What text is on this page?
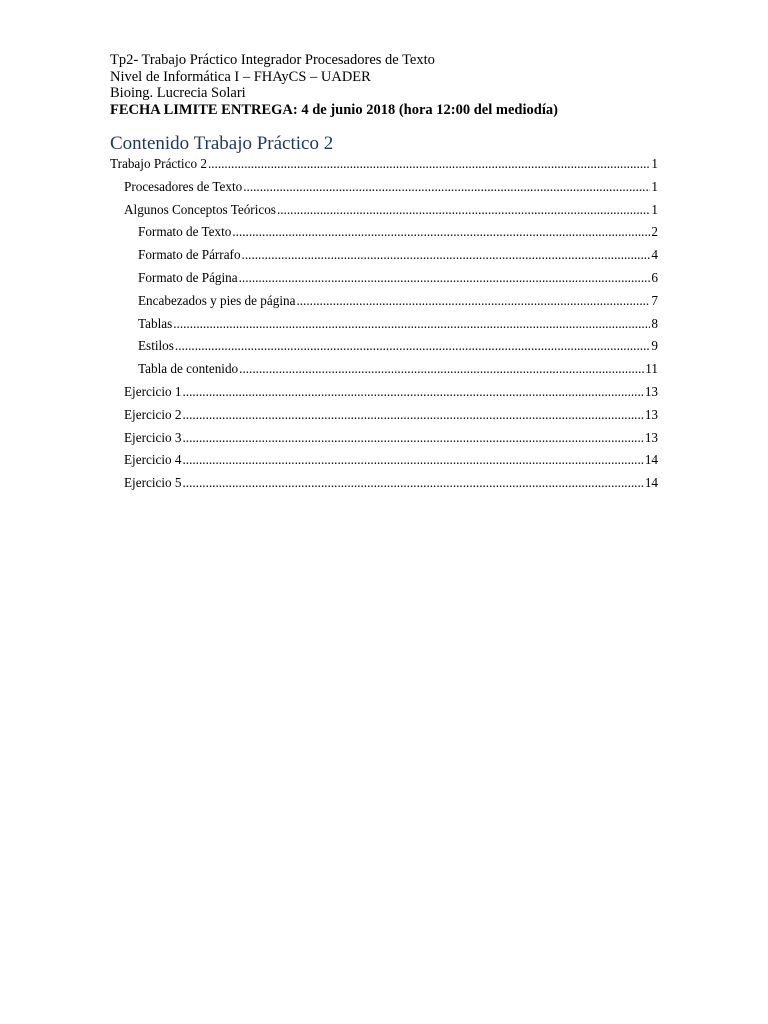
Tp2- Trabajo Práctico Integrador Procesadores de Texto
Nivel de Informática I – FHAyCS – UADER
Bioing. Lucrecia Solari
FECHA LIMITE ENTREGA: 4 de junio 2018 (hora 12:00 del mediodía)
Contenido Trabajo Práctico 2
Trabajo Práctico 2 .....	1
Procesadores de Texto .....	1
Algunos Conceptos Teóricos .....	1
Formato de Texto .....	2
Formato de Párrafo .....	4
Formato de Página .....	6
Encabezados y pies de página .....	7
Tablas .....	8
Estilos .....	9
Tabla de contenido .....	11
Ejercicio 1 .....	13
Ejercicio 2 .....	13
Ejercicio 3 .....	13
Ejercicio 4 .....	14
Ejercicio 5 .....	14
